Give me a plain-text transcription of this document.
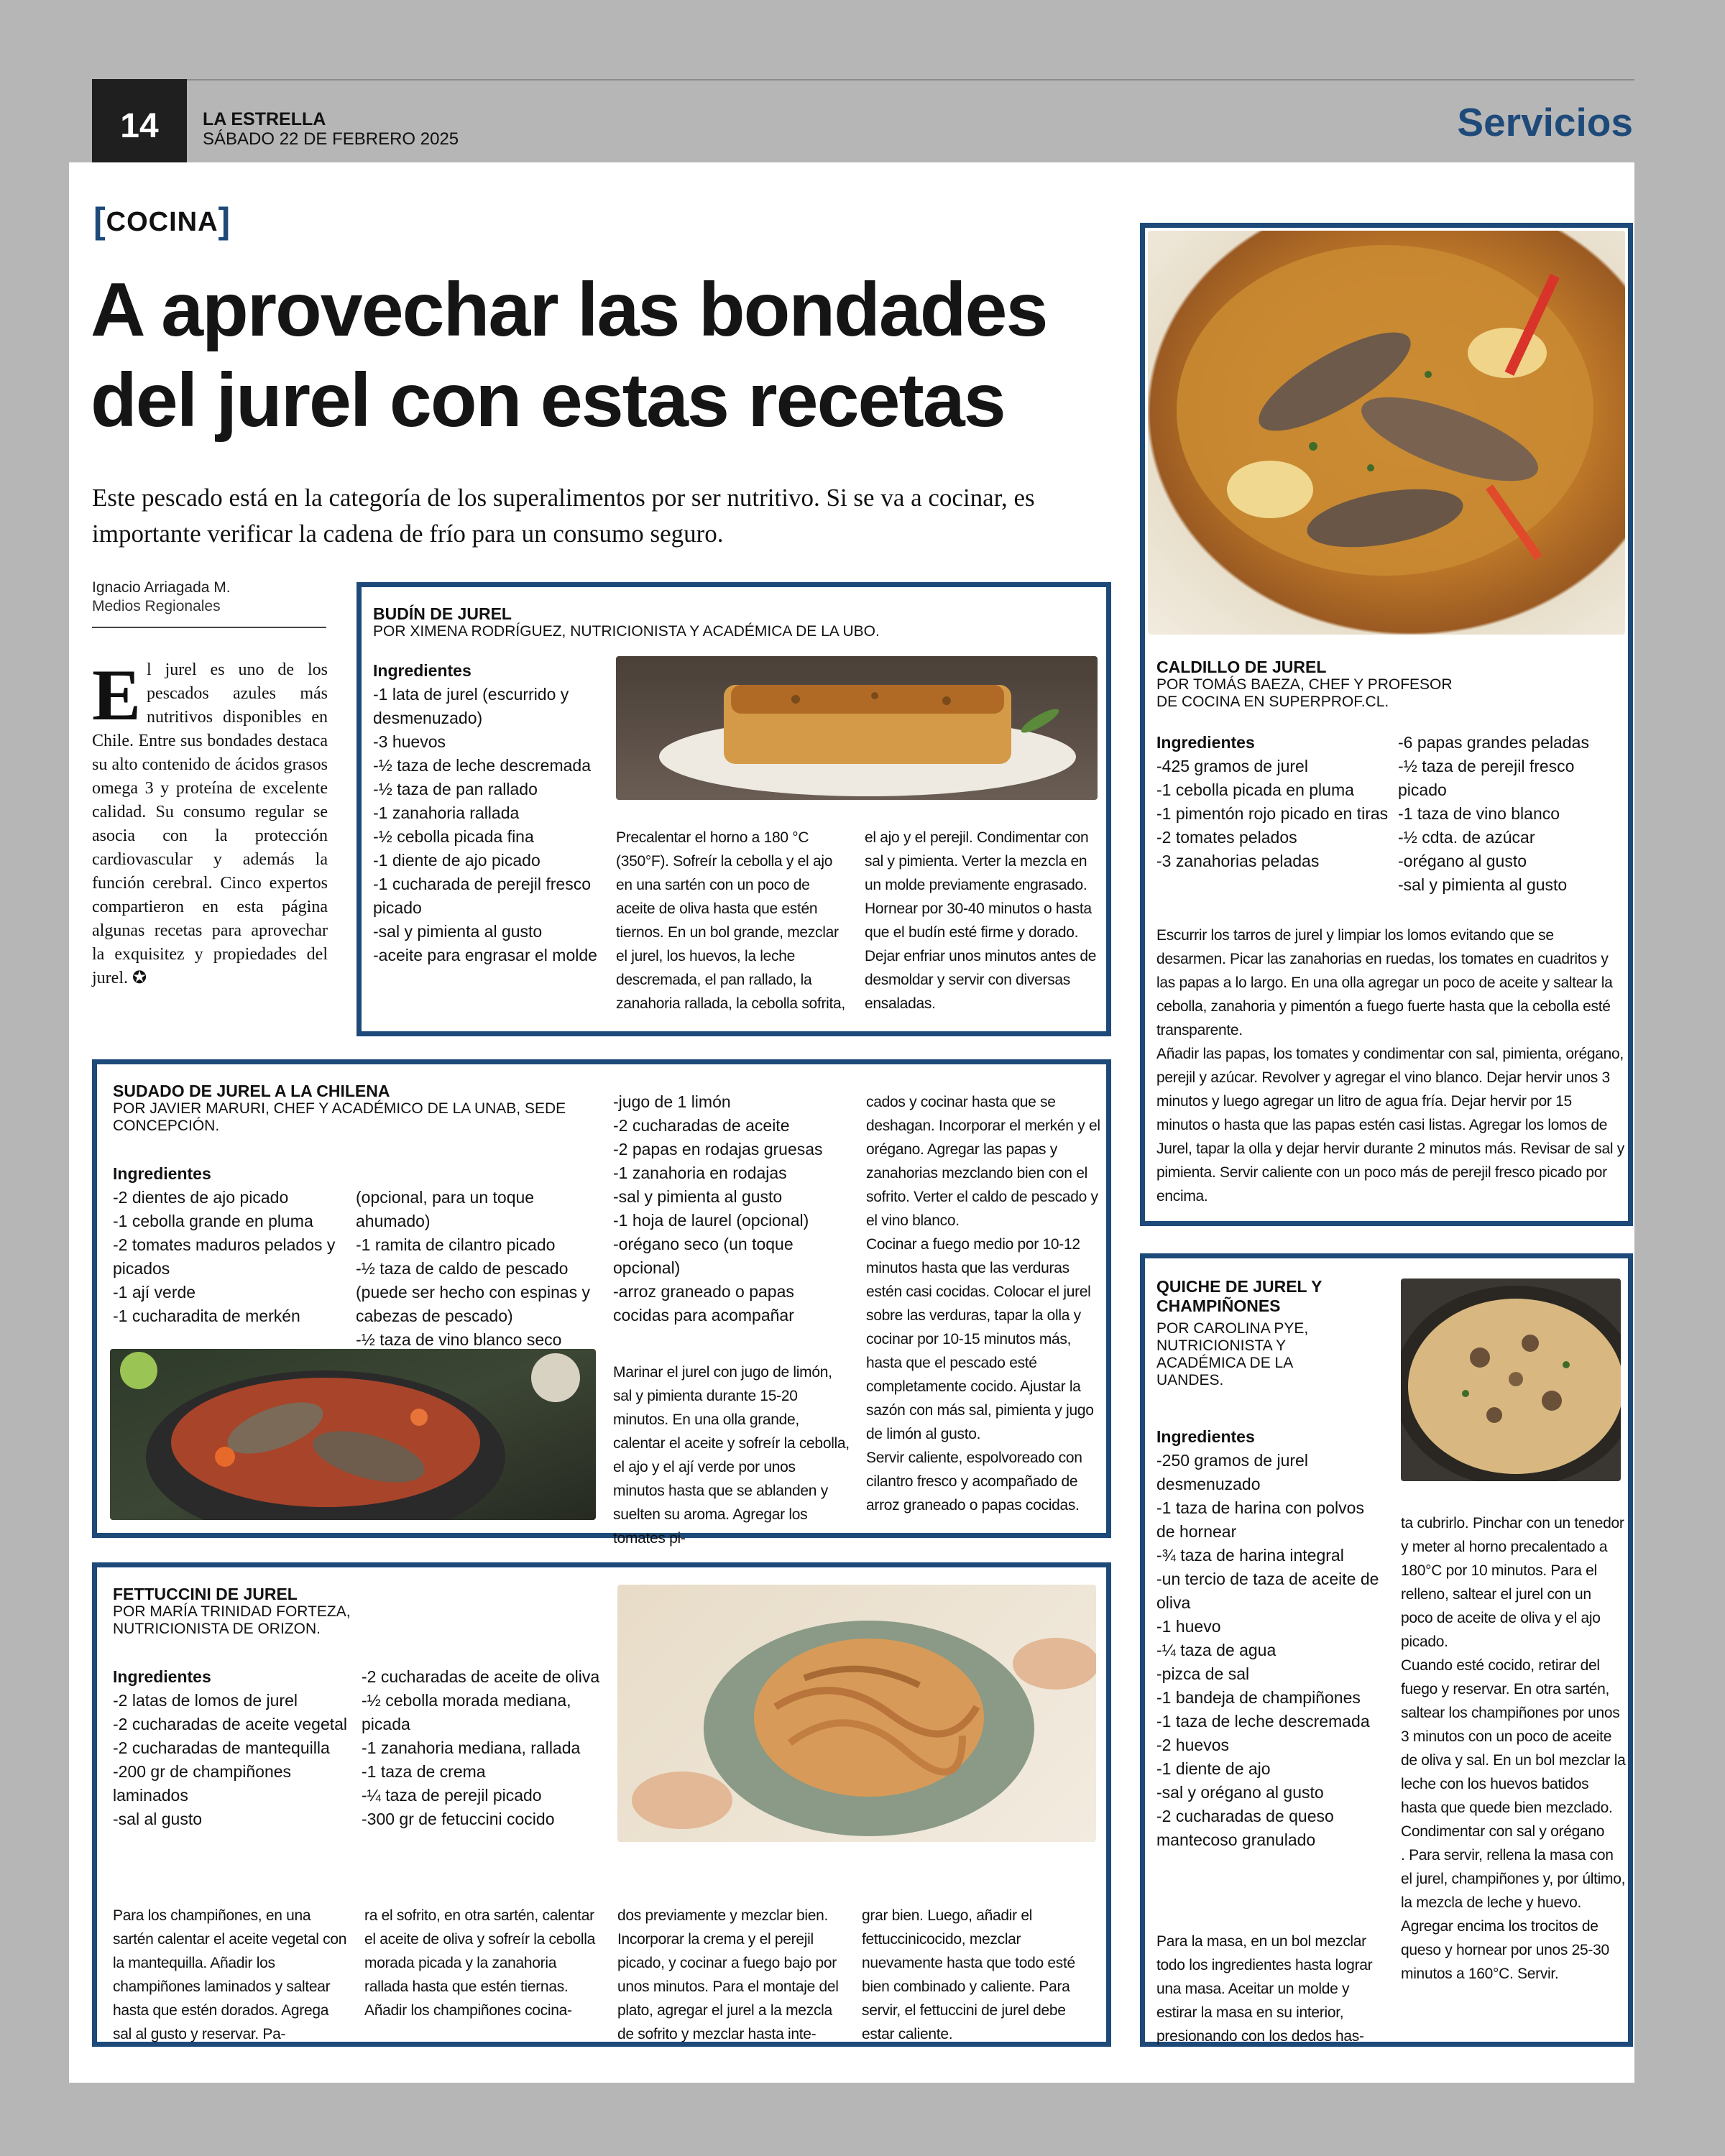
14	LA ESTRELLA
SÁBADO 22 DE FEBRERO 2025	Servicios
[COCINA]
A aprovechar las bondades del jurel con estas recetas
Este pescado está en la categoría de los superalimentos por ser nutritivo. Si se va a cocinar, es importante verificar la cadena de frío para un consumo seguro.
Ignacio Arriagada M.
Medios Regionales
El jurel es uno de los pescados azules más nutritivos disponibles en Chile. Entre sus bondades destaca su alto contenido de ácidos grasos omega 3 y proteína de excelente calidad. Su consumo regular se asocia con la protección cardiovascular y además la función cerebral. Cinco expertos compartieron en esta página algunas recetas para aprovechar la exquisitez y propiedades del jurel. ✪
CALDILLO DE JUREL
POR TOMÁS BAEZA, CHEF Y PROFESOR DE COCINA EN SUPERPROF.CL.
Ingredientes
-425 gramos de jurel
-1 cebolla picada en pluma
-1 pimentón rojo picado en tiras
-2 tomates pelados
-3 zanahorias peladas
-6 papas grandes peladas
-½ taza de perejil fresco picado
-1 taza de vino blanco
-½ cdta. de azúcar
-orégano al gusto
-sal y pimienta al gusto
Escurrir los tarros de jurel y limpiar los lomos evitando que se desarmen. Picar las zanahorias en ruedas, los tomates en cuadritos y las papas a lo largo. En una olla agregar un poco de aceite y saltear la cebolla, zanahoria y pimentón a fuego fuerte hasta que la cebolla esté transparente.
Añadir las papas, los tomates y condimentar con sal, pimienta, orégano, perejil y azúcar. Revolver y agregar el vino blanco. Dejar hervir unos 3 minutos y luego agregar un litro de agua fría. Dejar hervir por 15 minutos o hasta que las papas estén casi listas. Agregar los lomos de Jurel, tapar la olla y dejar hervir durante 2 minutos más. Revisar de sal y pimienta. Servir caliente con un poco más de perejil fresco picado por encima.
BUDÍN DE JUREL
POR XIMENA RODRÍGUEZ, NUTRICIONISTA Y ACADÉMICA DE LA UBO.
Ingredientes
-1 lata de jurel (escurrido y desmenuzado)
-3 huevos
-½ taza de leche descremada
-½ taza de pan rallado
-1 zanahoria rallada
-½ cebolla picada fina
-1 diente de ajo picado
-1 cucharada de perejil fresco picado
-sal y pimienta al gusto
-aceite para engrasar el molde
Precalentar el horno a 180 °C (350°F). Sofreír la cebolla y el ajo en una sartén con un poco de aceite de oliva hasta que estén tiernos. En un bol grande, mezclar el jurel, los huevos, la leche descremada, el pan rallado, la zanahoria rallada, la cebolla sofrita,
el ajo y el perejil. Condimentar con sal y pimienta. Verter la mezcla en un molde previamente engrasado. Hornear por 30-40 minutos o hasta que el budín esté firme y dorado. Dejar enfriar unos minutos antes de desmoldar y servir con diversas ensaladas.
SUDADO DE JUREL A LA CHILENA
POR JAVIER MARURI, CHEF Y ACADÉMICO DE LA UNAB, SEDE CONCEPCIÓN.
Ingredientes
-2 dientes de ajo picado
-1 cebolla grande en pluma
-2 tomates maduros pelados y picados
-1 ají verde
-1 cucharadita de merkén
(opcional, para un toque ahumado)
-1 ramita de cilantro picado
-½ taza de caldo de pescado (puede ser hecho con espinas y cabezas de pescado)
-½ taza de vino blanco seco
-jugo de 1 limón
-2 cucharadas de aceite
-2 papas en rodajas gruesas
-1 zanahoria en rodajas
-sal y pimienta al gusto
-1 hoja de laurel (opcional)
-orégano seco (un toque opcional)
-arroz graneado o papas cocidas para acompañar
Marinar el jurel con jugo de limón, sal y pimienta durante 15-20 minutos. En una olla grande, calentar el aceite y sofreír la cebolla, el ajo y el ají verde por unos minutos hasta que se ablanden y suelten su aroma. Agregar los tomates pi-
cados y cocinar hasta que se deshagan. Incorporar el merkén y el orégano. Agregar las papas y zanahorias mezclando bien con el sofrito. Verter el caldo de pescado y el vino blanco.
Cocinar a fuego medio por 10-12 minutos hasta que las verduras estén casi cocidas. Colocar el jurel sobre las verduras, tapar la olla y cocinar por 10-15 minutos más, hasta que el pescado esté completamente cocido. Ajustar la sazón con más sal, pimienta y jugo de limón al gusto.
Servir caliente, espolvoreado con cilantro fresco y acompañado de arroz graneado o papas cocidas.
QUICHE DE JUREL Y CHAMPIÑONES
POR CAROLINA PYE, NUTRICIONISTA Y ACADÉMICA DE LA UANDES.
Ingredientes
-250 gramos de jurel desmenuzado
-1 taza de harina con polvos de hornear
-¾ taza de harina integral
-un tercio de taza de aceite de oliva
-1 huevo
-¼ taza de agua
-pizca de sal
-1 bandeja de champiñones
-1 taza de leche descremada
-2 huevos
-1 diente de ajo
-sal y orégano al gusto
-2 cucharadas de queso mantecoso granulado
Para la masa, en un bol mezclar todo los ingredientes hasta lograr una masa. Aceitar un molde y estirar la masa en su interior, presionando con los dedos has-
ta cubrirlo. Pinchar con un tenedor y meter al horno precalentado a 180°C por 10 minutos. Para el relleno, saltear el jurel con un poco de aceite de oliva y el ajo picado.
Cuando esté cocido, retirar del fuego y reservar. En otra sartén, saltear los champiñones por unos 3 minutos con un poco de aceite de oliva y sal. En un bol mezclar la leche con los huevos batidos hasta que quede bien mezclado. Condimentar con sal y orégano
. Para servir, rellena la masa con el jurel, champiñones y, por último, la mezcla de leche y huevo. Agregar encima los trocitos de queso y hornear por unos 25-30 minutos a 160°C. Servir.
FETTUCCINI DE JUREL
POR MARÍA TRINIDAD FORTEZA, NUTRICIONISTA DE ORIZON.
Ingredientes
-2 latas de lomos de jurel
-2 cucharadas de aceite vegetal
-2 cucharadas de mantequilla
-200 gr de champiñones laminados
-sal al gusto
-2 cucharadas de aceite de oliva
-½ cebolla morada mediana, picada
-1 zanahoria mediana, rallada
-1 taza de crema
-¼ taza de perejil picado
-300 gr de fetuccini cocido
Para los champiñones, en una sartén calentar el aceite vegetal con la mantequilla. Añadir los champiñones laminados y saltear hasta que estén dorados. Agrega sal al gusto y reservar. Pa-
ra el sofrito, en otra sartén, calentar el aceite de oliva y sofreír la cebolla morada picada y la zanahoria rallada hasta que estén tiernas.
Añadir los champiñones cocina-
dos previamente y mezclar bien. Incorporar la crema y el perejil picado, y cocinar a fuego bajo por unos minutos. Para el montaje del plato, agregar el jurel a la mezcla de sofrito y mezclar hasta inte-
grar bien. Luego, añadir el fettuccinicocido, mezclar nuevamente hasta que todo esté bien combinado y caliente. Para servir, el fettuccini de jurel debe estar caliente.
